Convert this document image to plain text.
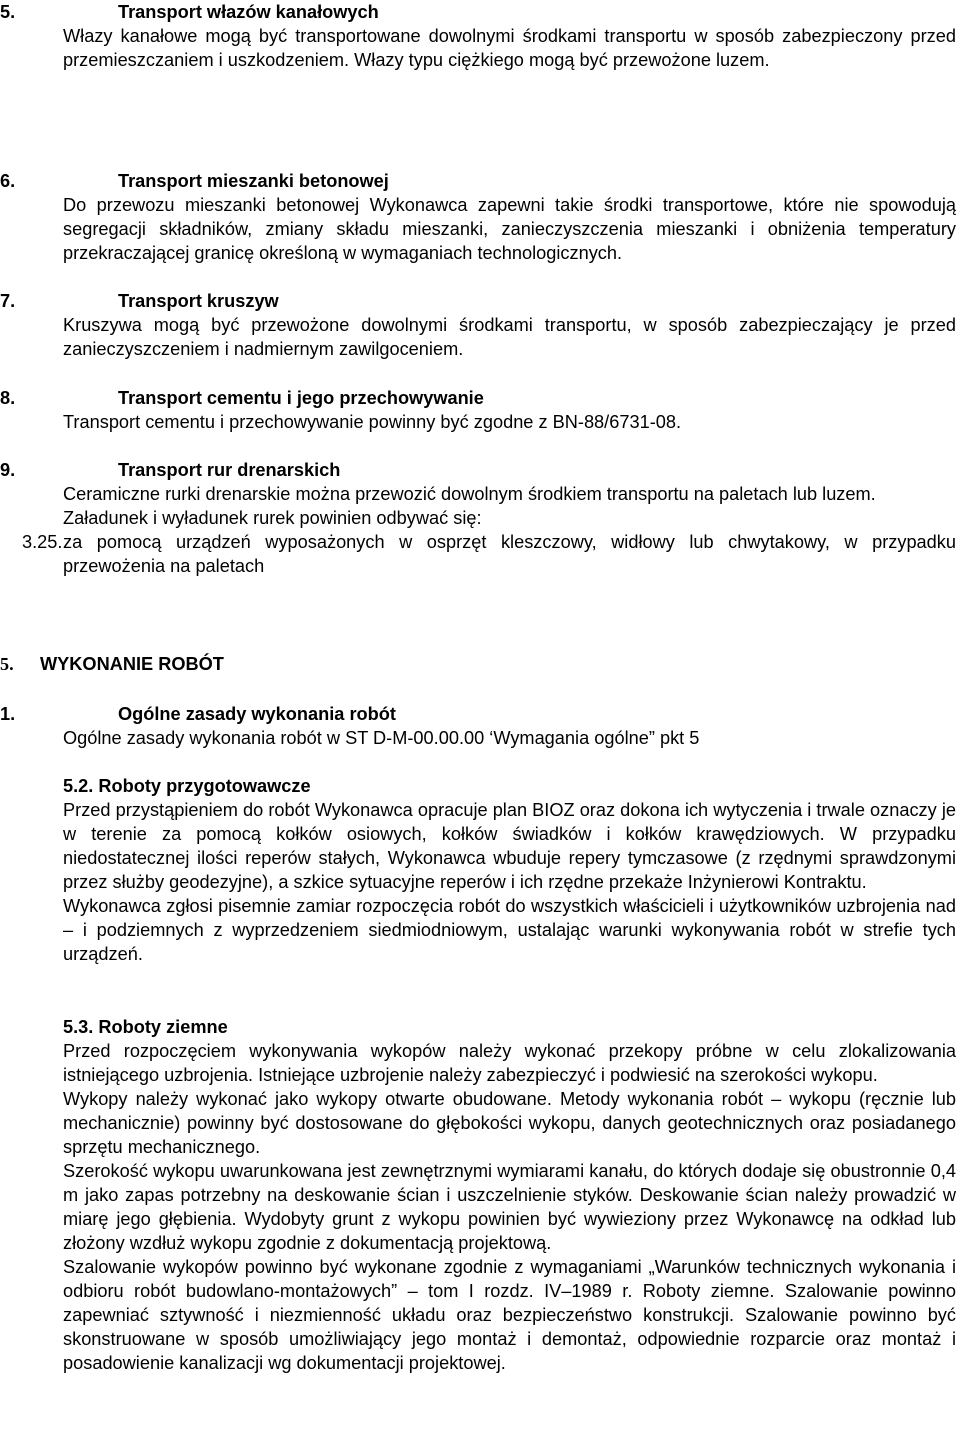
5.	Transport włazów kanałowych

Włazy kanałowe mogą być transportowane dowolnymi środkami transportu w sposób zabezpieczony przed przemieszczaniem i uszkodzeniem. Włazy typu ciężkiego mogą być przewożone luzem.

6.	Transport mieszanki betonowej

Do przewozu mieszanki betonowej Wykonawca zapewni takie środki transportowe, które nie spowodują segregacji składników, zmiany składu mieszanki, zanieczyszczenia mieszanki i obniżenia temperatury przekraczającej granicę określoną w wymaganiach technologicznych.

7.	Transport kruszyw

Kruszywa mogą być przewożone dowolnymi środkami transportu, w sposób zabezpieczający je przed zanieczyszczeniem i nadmiernym zawilgoceniem.

8.	Transport cementu i jego przechowywanie

Transport cementu i przechowywanie powinny być zgodne z BN-88/6731-08.

9.	Transport rur drenarskich

Ceramiczne rurki drenarskie można przewozić dowolnym środkiem transportu na paletach lub luzem.

Załadunek i wyładunek rurek powinien odbywać się:

3.25. za pomocą urządzeń wyposażonych w osprzęt kleszczowy, widłowy lub chwytakowy, w przypadku przewożenia na paletach

5. WYKONANIE ROBÓT
1.	Ogólne zasady wykonania robót

Ogólne zasady wykonania robót w ST D-M-00.00.00 ‘Wymagania ogólne” pkt 5

5.2. Roboty przygotowawcze

Przed przystąpieniem do robót Wykonawca opracuje plan BIOZ oraz dokona ich wytyczenia i trwale oznaczy je w terenie za pomocą kołków osiowych, kołków świadków i kołków krawędziowych. W przypadku niedostatecznej ilości reperów stałych, Wykonawca wbuduje repery tymczasowe (z rzędnymi sprawdzonymi przez służby geodezyjne), a szkice sytuacyjne reperów i ich rzędne przekaże Inżynierowi Kontraktu.

Wykonawca zgłosi pisemnie zamiar rozpoczęcia robót do wszystkich właścicieli i użytkowników uzbrojenia nad – i podziemnych z wyprzedzeniem siedmiodniowym, ustalając warunki wykonywania robót w strefie tych urządzeń.

5.3. Roboty ziemne

Przed rozpoczęciem wykonywania wykopów należy wykonać przekopy próbne w celu zlokalizowania istniejącego uzbrojenia. Istniejące uzbrojenie należy zabezpieczyć i podwiesić na szerokości wykopu.

Wykopy należy wykonać jako wykopy otwarte obudowane. Metody wykonania robót – wykopu (ręcznie lub mechanicznie) powinny być dostosowane do głębokości wykopu, danych geotechnicznych oraz posiadanego sprzętu mechanicznego.

Szerokość wykopu uwarunkowana jest zewnętrznymi wymiarami kanału, do których dodaje się obustronnie 0,4 m jako zapas potrzebny na deskowanie ścian i uszczelnienie styków. Deskowanie ścian należy prowadzić w miarę jego głębienia. Wydobyty grunt z wykopu powinien być wywieziony przez Wykonawcę na odkład lub złożony wzdłuż wykopu zgodnie z dokumentacją projektową.

Szalowanie wykopów powinno być wykonane zgodnie z wymaganiami „Warunków technicznych wykonania i odbioru robót budowlano-montażowych” – tom I rozdz. IV–1989 r. Roboty ziemne. Szalowanie powinno zapewniać sztywność i niezmienność układu oraz bezpieczeństwo konstrukcji. Szalowanie powinno być skonstruowane w sposób umożliwiający jego montaż i demontaż, odpowiednie rozparcie oraz montaż i posadowienie kanalizacji wg dokumentacji projektowej.
